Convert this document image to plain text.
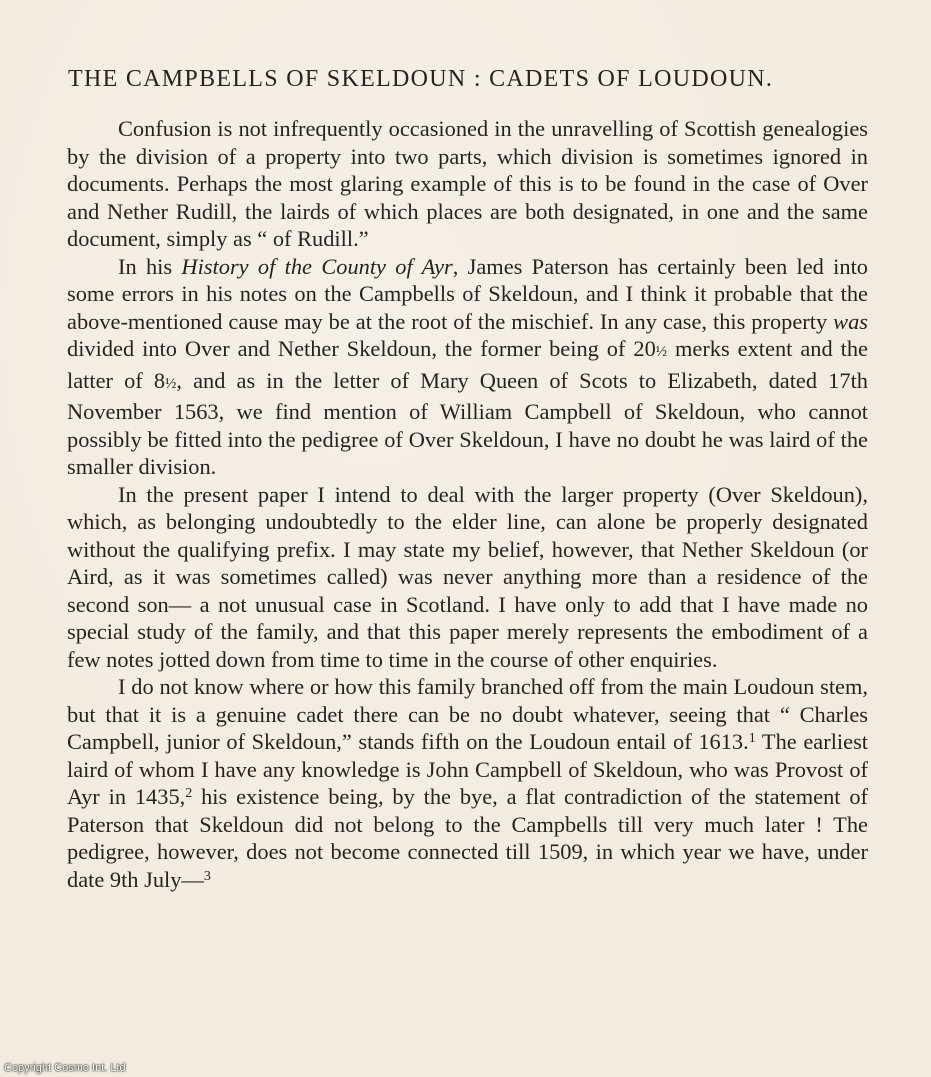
THE CAMPBELLS OF SKELDOUN : CADETS OF LOUDOUN.

Confusion is not infrequently occasioned in the unravelling of Scottish genealogies by the division of a property into two parts, which division is sometimes ignored in documents. Perhaps the most glaring example of this is to be found in the case of Over and Nether Rudill, the lairds of which places are both designated, in one and the same document, simply as “ of Rudill.”

In his History of the County of Ayr, James Paterson has certainly been led into some errors in his notes on the Campbells of Skeldoun, and I think it probable that the above-mentioned cause may be at the root of the mischief. In any case, this property was divided into Over and Nether Skeldoun, the former being of 20½ merks extent and the latter of 8½, and as in the letter of Mary Queen of Scots to Elizabeth, dated 17th November 1563, we find mention of William Campbell of Skeldoun, who cannot possibly be fitted into the pedigree of Over Skeldoun, I have no doubt he was laird of the smaller division.

In the present paper I intend to deal with the larger property (Over Skeldoun), which, as belonging undoubtedly to the elder line, can alone be properly designated without the qualifying prefix. I may state my belief, however, that Nether Skeldoun (or Aird, as it was sometimes called) was never anything more than a residence of the second son— a not unusual case in Scotland. I have only to add that I have made no special study of the family, and that this paper merely represents the embodiment of a few notes jotted down from time to time in the course of other enquiries.

I do not know where or how this family branched off from the main Loudoun stem, but that it is a genuine cadet there can be no doubt whatever, seeing that “ Charles Campbell, junior of Skeldoun,” stands fifth on the Loudoun entail of 1613.$^1$ The earliest laird of whom I have any knowledge is John Campbell of Skeldoun, who was Provost of Ayr in 1435,$^2$ his existence being, by the bye, a flat contradiction of the statement of Paterson that Skeldoun did not belong to the Campbells till very much later ! The pedigree, however, does not become connected till 1509, in which year we have, under date 9th July—$^3$

Copyright Cosmo Int. Ltd
